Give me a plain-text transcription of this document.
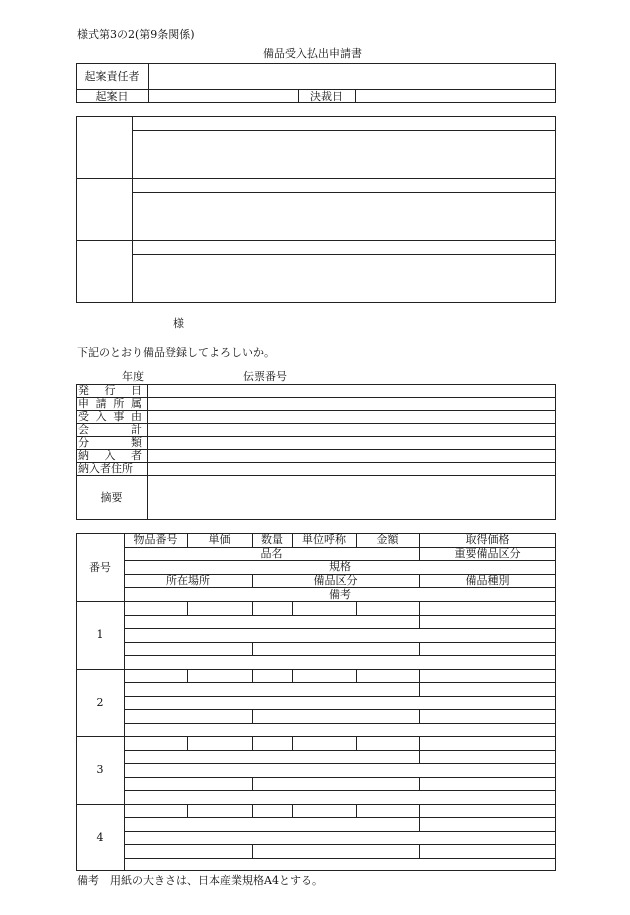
様式第3の2(第9条関係)
備品受入払出申請書
起案責任者
起案日	決裁日
様
下記のとおり備品登録してよろしいか。
年度	伝票番号
備考　用紙の大きさは、日本産業規格A4とする。
発 行 日
申 請 所 属
受 入 事 由
会	計
分	類
納 入 者
納入者住所
摘要
物品番号	単価	数量	単位呼称	金額	取得価格
品名	重要備品区分
規格
所在場所	備品区分	備品種別
備考
番号
1
2
3
4
